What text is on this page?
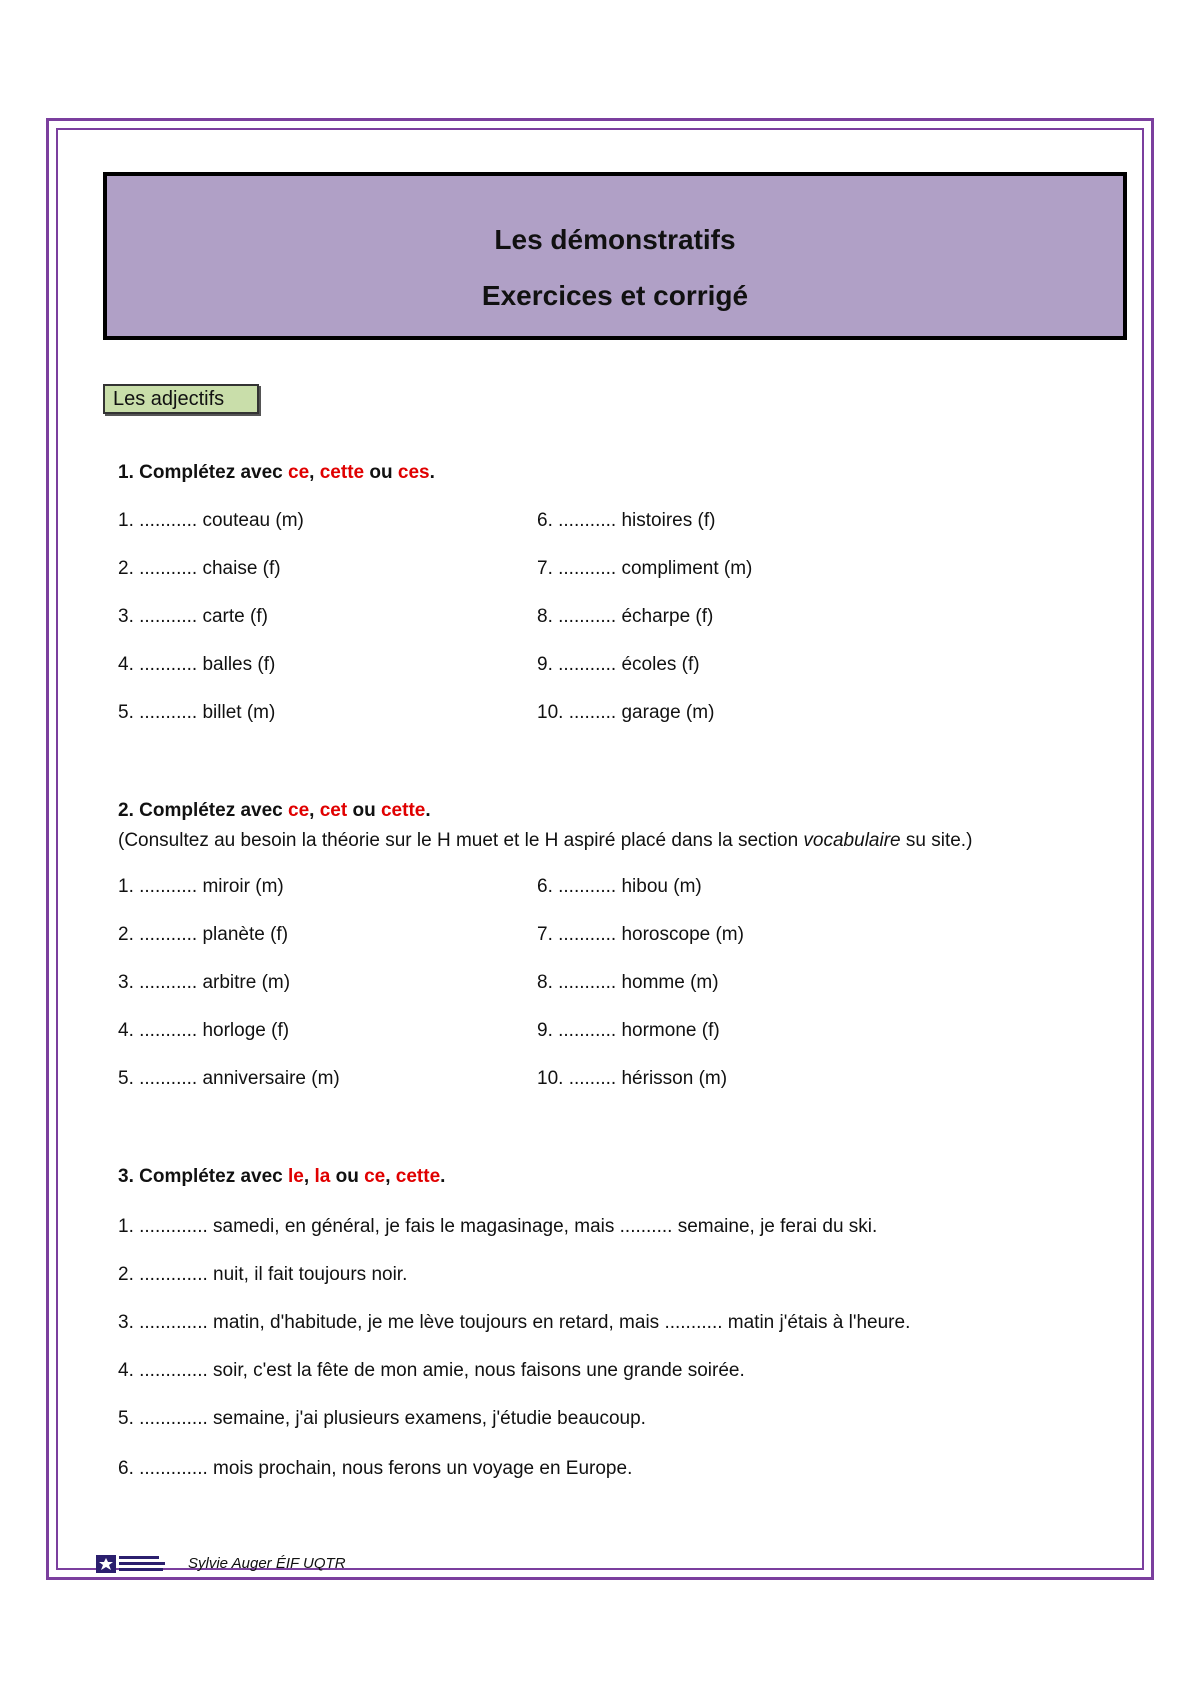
Les démonstratifs
Exercices et corrigé
Les adjectifs
1. Complétez avec ce, cette ou ces.
1. ........... couteau (m)
2. ........... chaise (f)
3. ........... carte (f)
4. ........... balles (f)
5. ........... billet (m)
6. ........... histoires (f)
7. ........... compliment (m)
8. ........... écharpe (f)
9. ........... écoles (f)
10. ......... garage (m)
2. Complétez avec ce, cet ou cette.
(Consultez au besoin la théorie sur le H muet et le H aspiré placé dans la section vocabulaire su site.)
1. ........... miroir (m)
2. ........... planète (f)
3. ........... arbitre (m)
4. ........... horloge (f)
5. ........... anniversaire (m)
6. ........... hibou (m)
7. ........... horoscope (m)
8. ........... homme (m)
9. ........... hormone (f)
10. ......... hérisson (m)
3. Complétez avec le, la ou ce, cette.
1. ............. samedi, en général, je fais le magasinage, mais .......... semaine, je ferai du ski.
2. ............. nuit, il fait toujours noir.
3. ............. matin, d'habitude, je me lève toujours en retard, mais ........... matin j'étais à l'heure.
4. ............. soir, c'est la fête de mon amie, nous faisons une grande soirée.
5. ............. semaine, j'ai plusieurs examens, j'étudie beaucoup.
6. ............. mois prochain, nous ferons un voyage en Europe.
Sylvie Auger ÉIF UQTR
